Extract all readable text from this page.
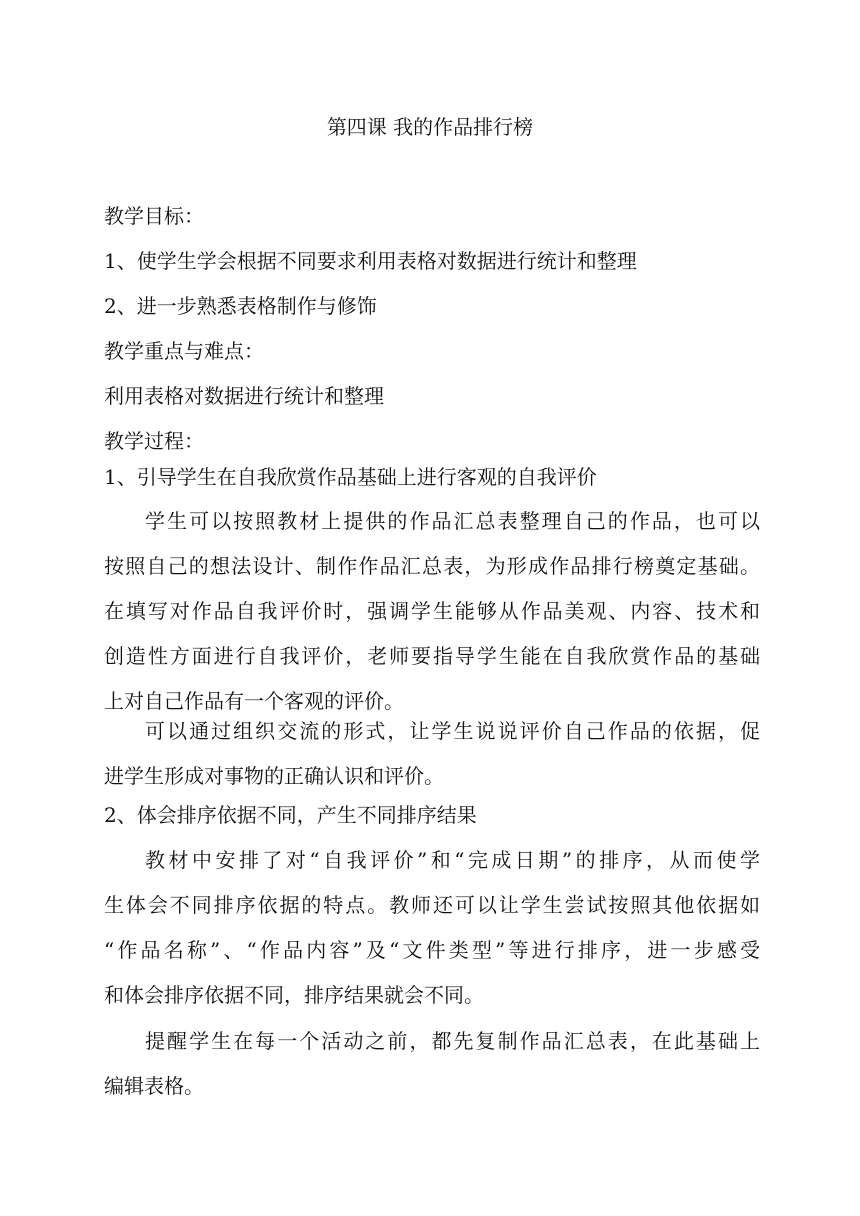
第四课 我的作品排行榜
教学目标：
1、使学生学会根据不同要求利用表格对数据进行统计和整理
2、进一步熟悉表格制作与修饰
教学重点与难点：
利用表格对数据进行统计和整理
教学过程：
1、引导学生在自我欣赏作品基础上进行客观的自我评价
学生可以按照教材上提供的作品汇总表整理自己的作品，也可以
按照自己的想法设计、制作作品汇总表，为形成作品排行榜奠定基础。
在填写对作品自我评价时，强调学生能够从作品美观、内容、技术和
创造性方面进行自我评价，老师要指导学生能在自我欣赏作品的基础
上对自己作品有一个客观的评价。
可以通过组织交流的形式，让学生说说评价自己作品的依据，促
进学生形成对事物的正确认识和评价。
2、体会排序依据不同，产生不同排序结果
教材中安排了对“自我评价”和“完成日期”的排序，从而使学
生体会不同排序依据的特点。教师还可以让学生尝试按照其他依据如
“作品名称”、“作品内容”及“文件类型”等进行排序，进一步感受
和体会排序依据不同，排序结果就会不同。
提醒学生在每一个活动之前，都先复制作品汇总表，在此基础上
编辑表格。
